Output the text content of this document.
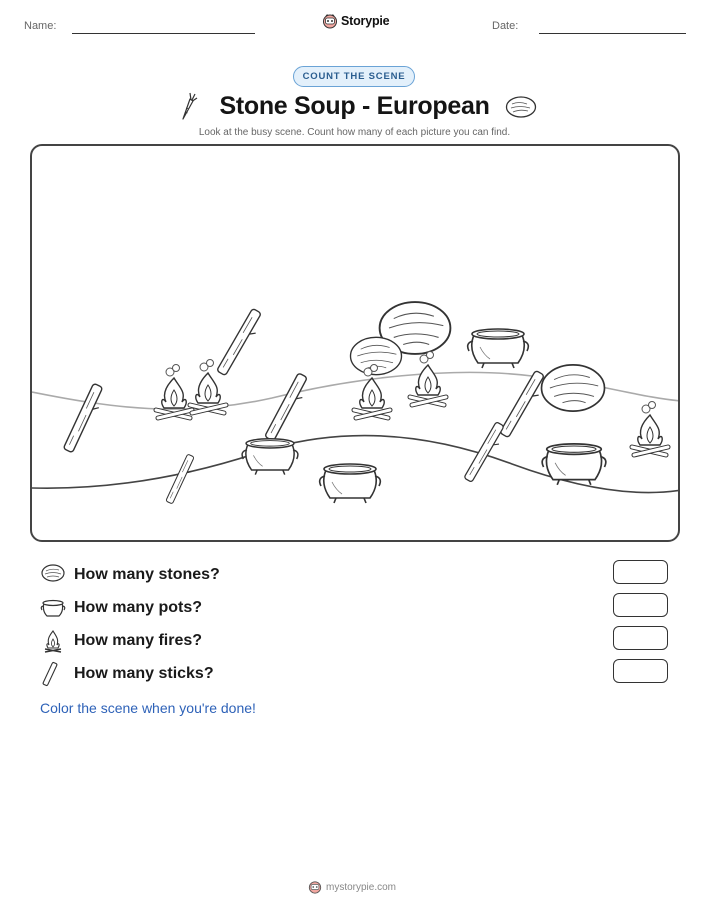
Name:	Storypie	Date:
COUNT THE SCENE
Stone Soup - European
Look at the busy scene. Count how many of each picture you can find.
How many stones?
How many pots?
How many fires?
How many sticks?
Color the scene when you're done!
mystorypie.com
